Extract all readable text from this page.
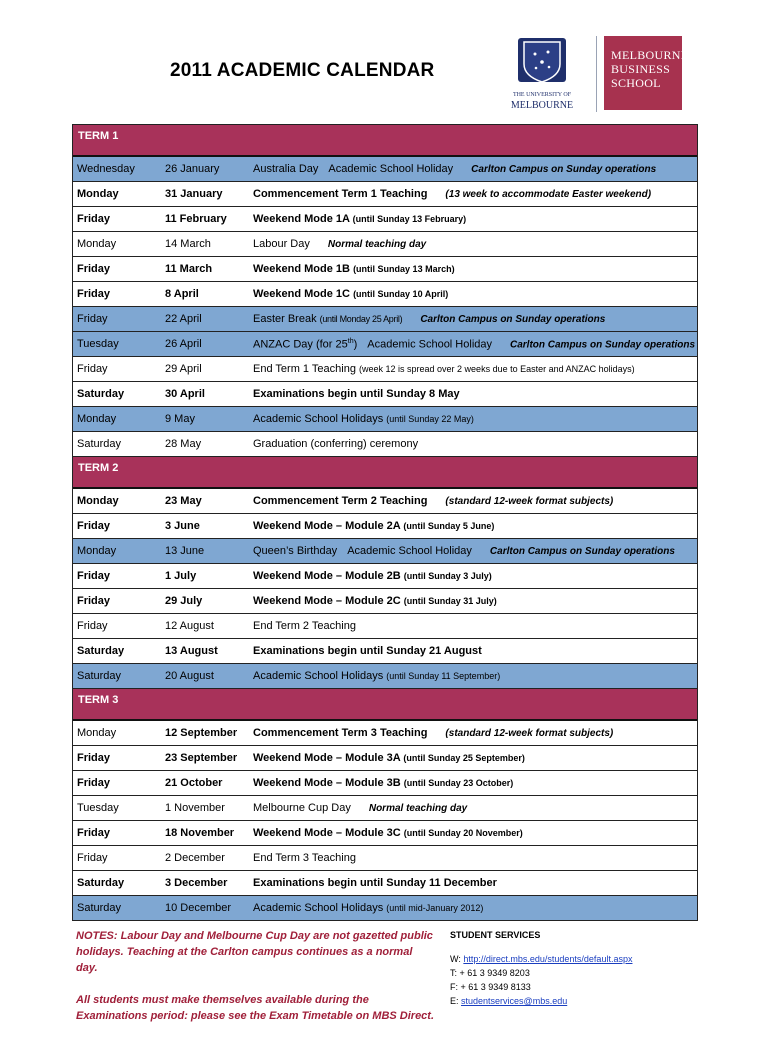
2011 ACADEMIC CALENDAR
THE UNIVERSITY OF
MELBOURNE
MELBOURNE
BUSINESS
SCHOOL
TERM 1
Wednesday	26 January	Australia Day Academic School Holiday Carlton Campus on Sunday operations
Monday	31 January	Commencement Term 1 Teaching (13 week to accommodate Easter weekend)
Friday	11 February Weekend Mode 1A (until Sunday 13 February)
Monday	14 March	Labour Day Normal teaching day
Friday	11 March	Weekend Mode 1B (until Sunday 13 March)
Friday	8 April	Weekend Mode 1C (until Sunday 10 April)
Friday	22 April	Easter Break (until Monday 25 April) Carlton Campus on Sunday operations
Tuesday	26 April	ANZAC Day (for 25th) Academic School Holiday Carlton Campus on Sunday operations
Friday	29 April	End Term 1 Teaching (week 12 is spread over 2 weeks due to Easter and ANZAC holidays)
Saturday	30 April	Examinations begin until Sunday 8 May
Monday	9 May	Academic School Holidays (until Sunday 22 May)
Saturday	28 May	Graduation (conferring) ceremony
TERM 2
Monday	23 May	Commencement Term 2 Teaching (standard 12-week format subjects)
Friday	3 June	Weekend Mode – Module 2A (until Sunday 5 June)
Monday	13 June	Queen’s Birthday Academic School Holiday Carlton Campus on Sunday operations
Friday	1 July	Weekend Mode – Module 2B (until Sunday 3 July)
Friday	29 July	Weekend Mode – Module 2C (until Sunday 31 July)
Friday	12 August	End Term 2 Teaching
Saturday	13 August	Examinations begin until Sunday 21 August
Saturday	20 August	Academic School Holidays (until Sunday 11 September)
TERM 3
Monday	12 September Commencement Term 3 Teaching (standard 12-week format subjects)
Friday	23 September Weekend Mode – Module 3A (until Sunday 25 September)
Friday	21 October	Weekend Mode – Module 3B (until Sunday 23 October)
Tuesday	1 November	Melbourne Cup Day Normal teaching day
Friday	18 November Weekend Mode – Module 3C (until Sunday 20 November)
Friday	2 December	End Term 3 Teaching
Saturday	3 December Examinations begin until Sunday 11 December
Saturday	10 December Academic School Holidays (until mid-January 2012)

NOTES: Labour Day and Melbourne Cup Day are not gazetted public holidays. Teaching at the Carlton campus continues as a normal day.

All students must make themselves available during the Examinations period: please see the Exam Timetable on MBS Direct.

STUDENT SERVICES
W: http://direct.mbs.edu/students/default.aspx
T: + 61 3 9349 8203
F: + 61 3 9349 8133
E: studentservices@mbs.edu
